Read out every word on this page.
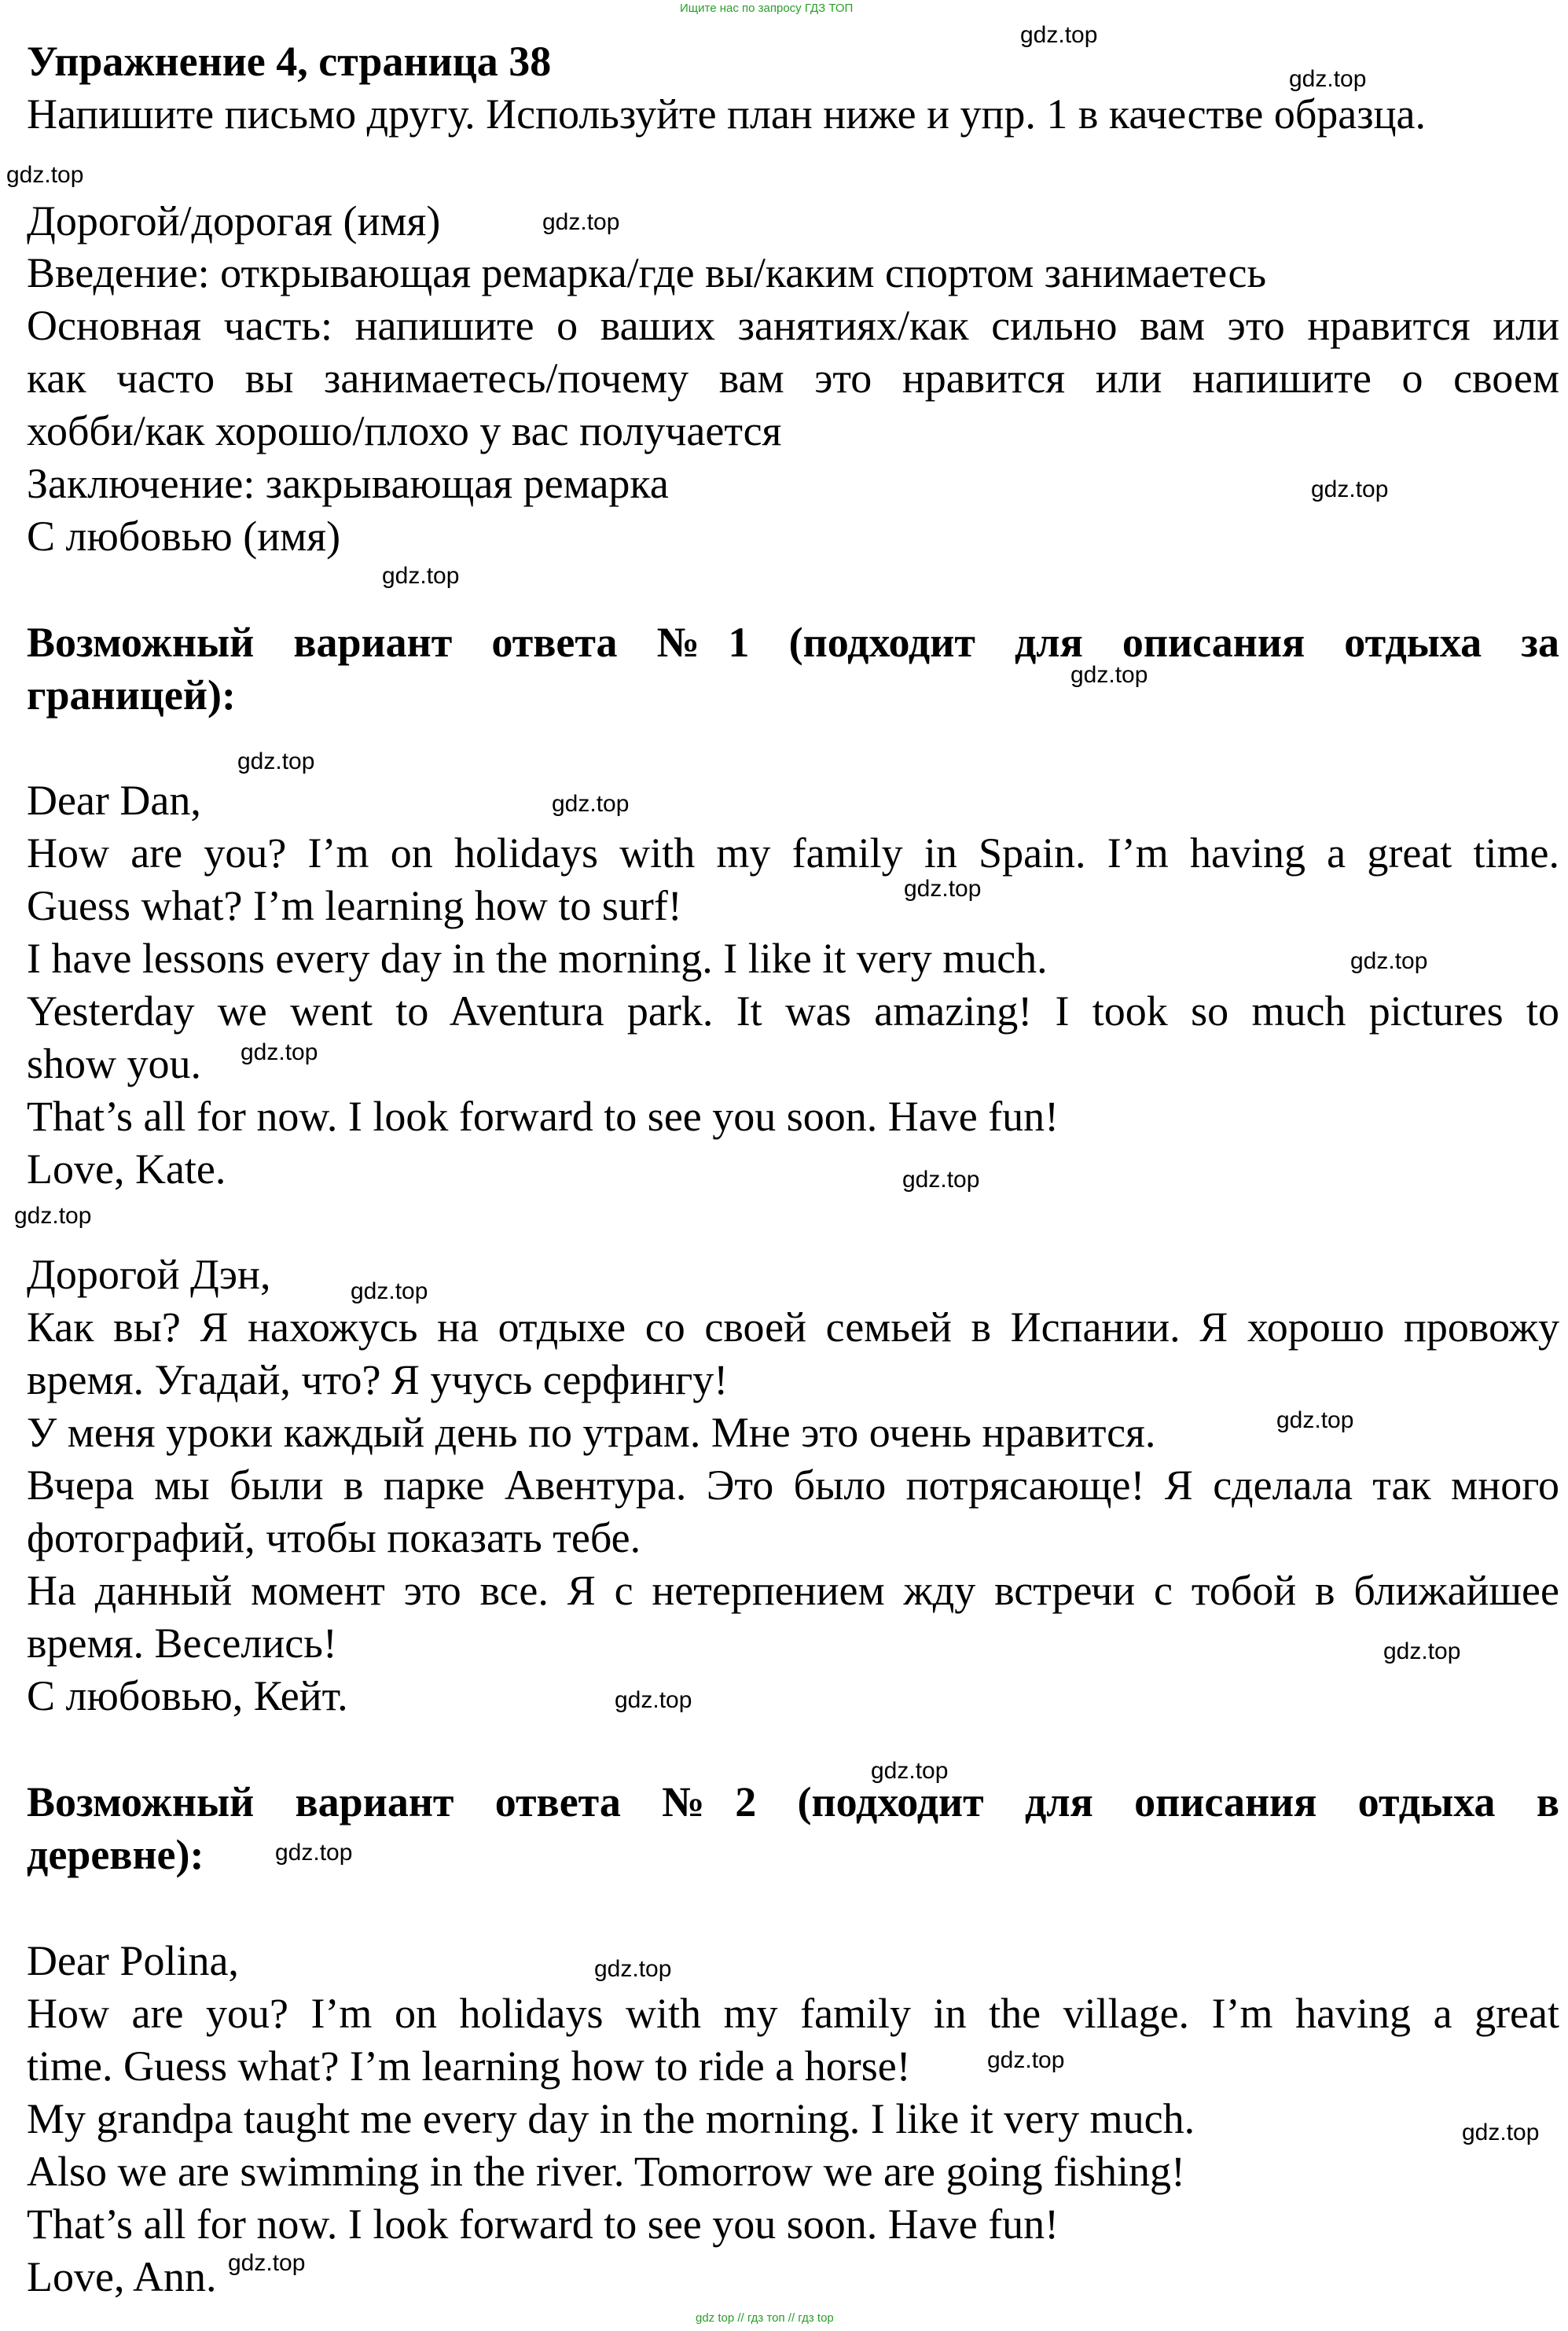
Ищите нас по запросу ГДЗ ТОП
Упражнение 4, страница 38
Напишите письмо другу. Используйте план ниже и упр. 1 в качестве образца.
Дорогой/дорогая (имя)
Введение: открывающая ремарка/где вы/каким спортом занимаетесь
Основная часть: напишите о ваших занятиях/как сильно вам это нравится или
как часто вы занимаетесь/почему вам это нравится или напишите о своем
хобби/как хорошо/плохо у вас получается
Заключение: закрывающая ремарка
С любовью (имя)
Возможный вариант ответа №1 (подходит для описания отдыха за
границей):
Dear Dan,
How are you? I’m on holidays with my family in Spain. I’m having a great time.
Guess what? I’m learning how to surf!
I have lessons every day in the morning. I like it very much.
Yesterday we went to Aventura park. It was amazing! I took so much pictures to
show you.
That’s all for now. I look forward to see you soon. Have fun!
Love, Kate.
Дорогой Дэн,
Как вы? Я нахожусь на отдыхе со своей семьей в Испании. Я хорошо провожу
время. Угадай, что? Я учусь серфингу!
У меня уроки каждый день по утрам. Мне это очень нравится.
Вчера мы были в парке Авентура. Это было потрясающе! Я сделала так много
фотографий, чтобы показать тебе.
На данный момент это все. Я с нетерпением жду встречи с тобой в ближайшее
время. Веселись!
С любовью, Кейт.
Возможный вариант ответа №2 (подходит для описания отдыха в
деревне):
Dear Polina,
How are you? I’m on holidays with my family in the village. I’m having a great
time. Guess what? I’m learning how to ride a horse!
My grandpa taught me every day in the morning. I like it very much.
Also we are swimming in the river. Tomorrow we are going fishing!
That’s all for now. I look forward to see you soon. Have fun!
Love, Ann.
gdz.top
gdz.top
gdz.top
gdz.top
gdz.top
gdz.top
gdz.top
gdz.top
gdz.top
gdz.top
gdz.top
gdz.top
gdz.top
gdz.top
gdz.top
gdz.top
gdz.top
gdz.top
gdz.top
gdz.top
gdz.top
gdz.top
gdz.top
gdz.top
gdz top // гдз топ // гдз top
